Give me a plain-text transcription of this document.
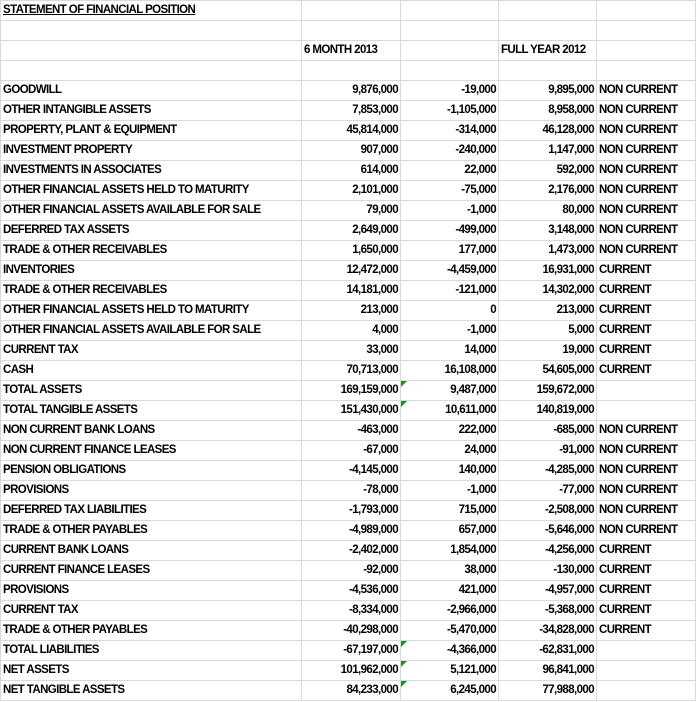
STATEMENT OF FINANCIAL POSITION				

	6 MONTH 2013		FULL YEAR 2012	

GOODWILL	9,876,000	-19,000	9,895,000	NON CURRENT
OTHER INTANGIBLE ASSETS	7,853,000	-1,105,000	8,958,000	NON CURRENT
PROPERTY, PLANT & EQUIPMENT	45,814,000	-314,000	46,128,000	NON CURRENT
INVESTMENT PROPERTY	907,000	-240,000	1,147,000	NON CURRENT
INVESTMENTS IN ASSOCIATES	614,000	22,000	592,000	NON CURRENT
OTHER FINANCIAL ASSETS HELD TO MATURITY	2,101,000	-75,000	2,176,000	NON CURRENT
OTHER FINANCIAL ASSETS AVAILABLE FOR SALE	79,000	-1,000	80,000	NON CURRENT
DEFERRED TAX ASSETS	2,649,000	-499,000	3,148,000	NON CURRENT
TRADE & OTHER RECEIVABLES	1,650,000	177,000	1,473,000	NON CURRENT
INVENTORIES	12,472,000	-4,459,000	16,931,000	CURRENT
TRADE & OTHER RECEIVABLES	14,181,000	-121,000	14,302,000	CURRENT
OTHER FINANCIAL ASSETS HELD TO MATURITY	213,000	0	213,000	CURRENT
OTHER FINANCIAL ASSETS AVAILABLE FOR SALE	4,000	-1,000	5,000	CURRENT
CURRENT TAX	33,000	14,000	19,000	CURRENT
CASH	70,713,000	16,108,000	54,605,000	CURRENT
TOTAL ASSETS	169,159,000	9,487,000	159,672,000	
TOTAL TANGIBLE ASSETS	151,430,000	10,611,000	140,819,000	
NON CURRENT BANK LOANS	-463,000	222,000	-685,000	NON CURRENT
NON CURRENT FINANCE LEASES	-67,000	24,000	-91,000	NON CURRENT
PENSION OBLIGATIONS	-4,145,000	140,000	-4,285,000	NON CURRENT
PROVISIONS	-78,000	-1,000	-77,000	NON CURRENT
DEFERRED TAX LIABILITIES	-1,793,000	715,000	-2,508,000	NON CURRENT
TRADE & OTHER PAYABLES	-4,989,000	657,000	-5,646,000	NON CURRENT
CURRENT BANK LOANS	-2,402,000	1,854,000	-4,256,000	CURRENT
CURRENT FINANCE LEASES	-92,000	38,000	-130,000	CURRENT
PROVISIONS	-4,536,000	421,000	-4,957,000	CURRENT
CURRENT TAX	-8,334,000	-2,966,000	-5,368,000	CURRENT
TRADE & OTHER PAYABLES	-40,298,000	-5,470,000	-34,828,000	CURRENT
TOTAL LIABILITIES	-67,197,000	-4,366,000	-62,831,000	
NET ASSETS	101,962,000	5,121,000	96,841,000	
NET TANGIBLE ASSETS	84,233,000	6,245,000	77,988,000	
